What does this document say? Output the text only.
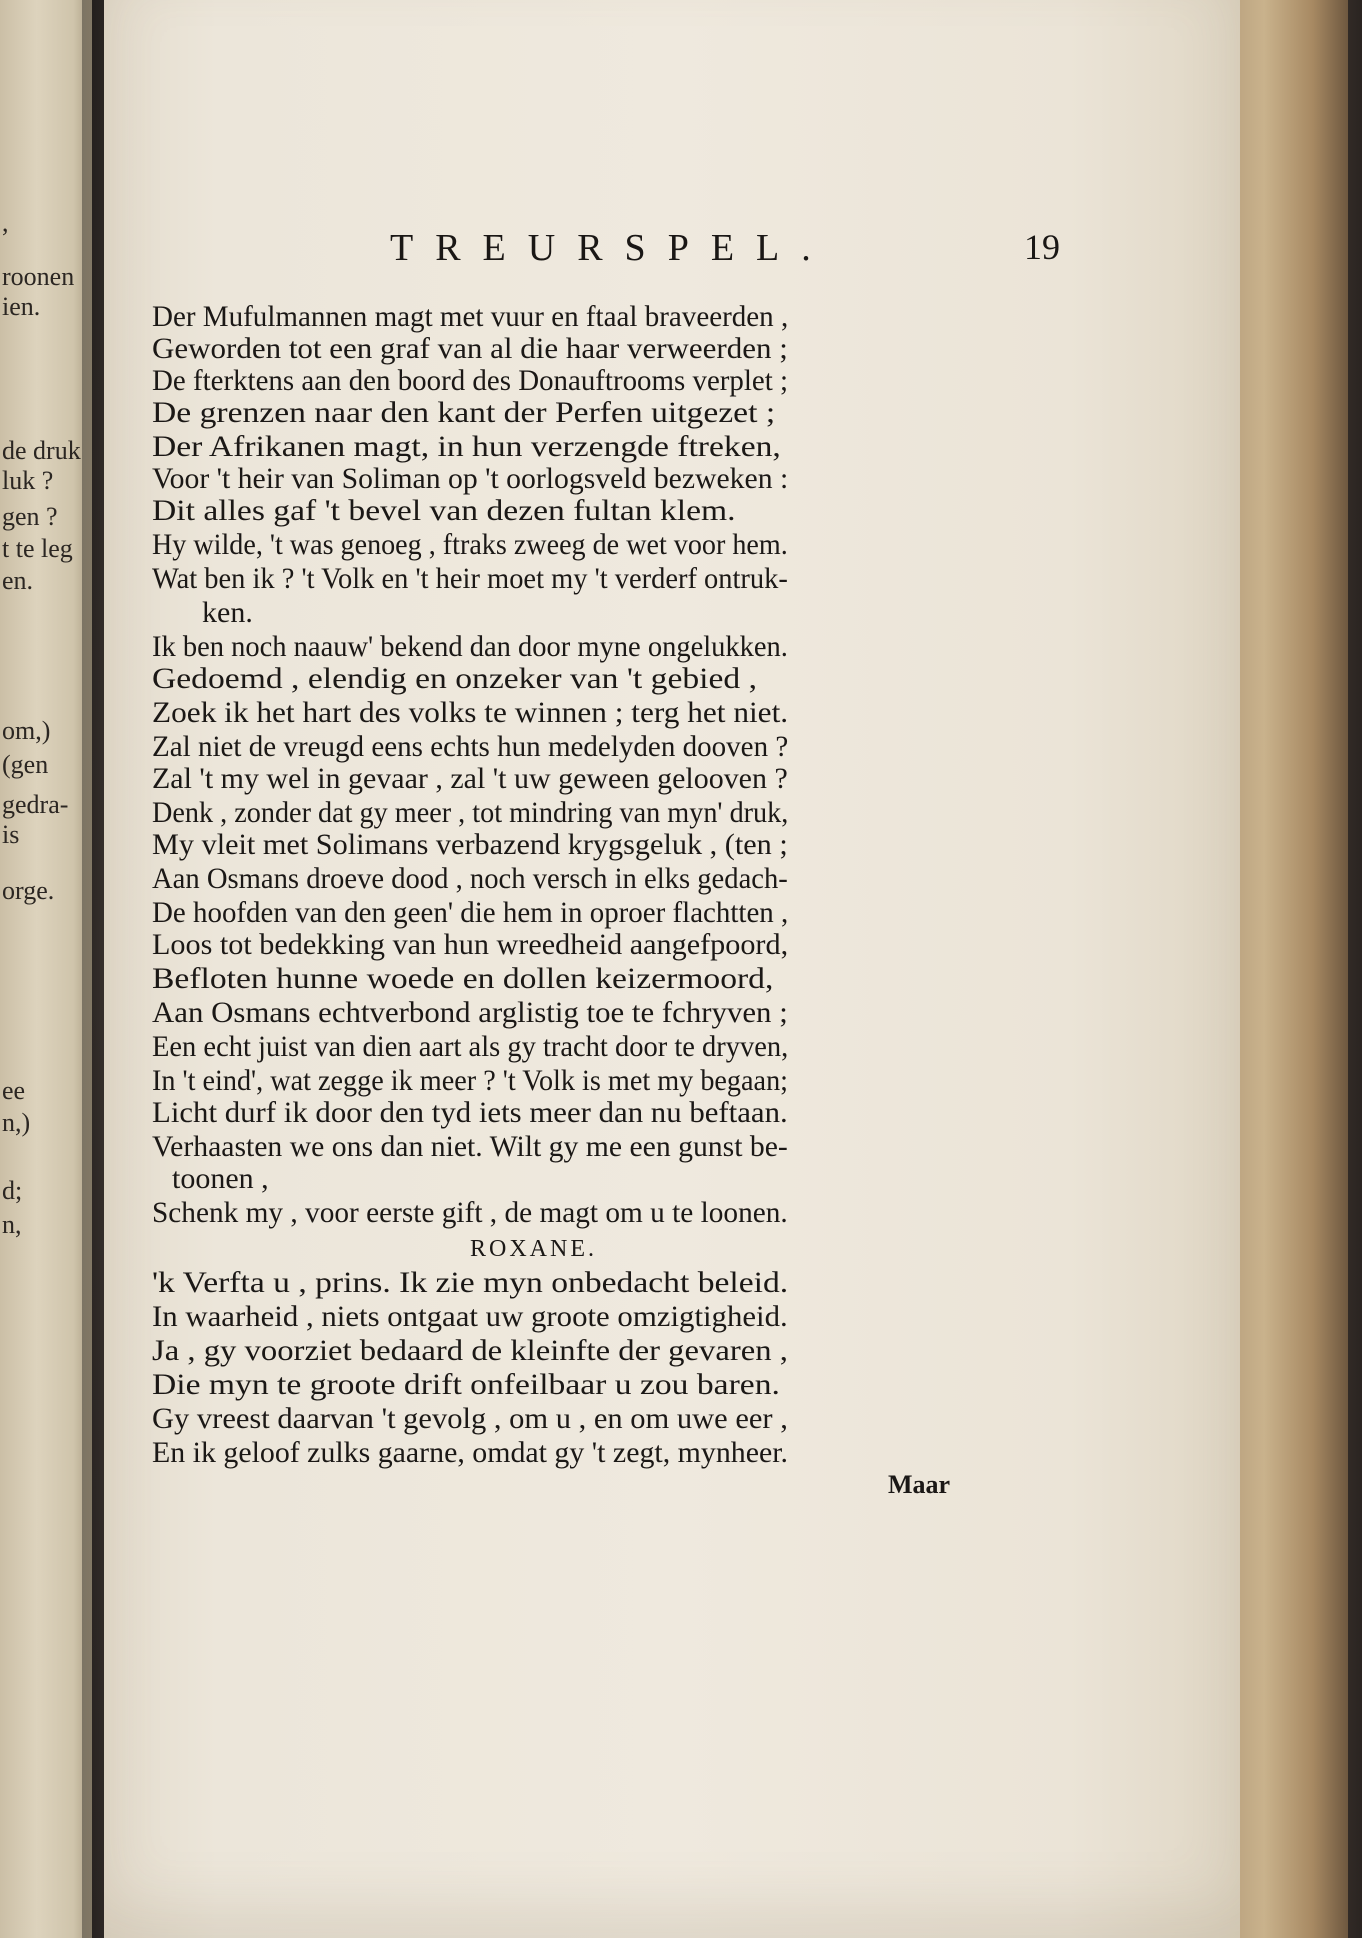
,
roonen
ien.
de druk
luk ?
gen ?
t te leg
en.
om,)
(gen
gedra-
is
orge.
ee
n,)
d;
n,
TREURSPEL.	19
Der Mufulmannen magt met vuur en ftaal braveerden ,
Geworden tot een graf van al die haar verweerden ;
De fterktens aan den boord des Donauftrooms verplet ;
De grenzen naar den kant der Perfen uitgezet ;
Der Afrikanen magt, in hun verzengde ftreken,
Voor 't heir van Soliman op 't oorlogsveld bezweken :
Dit alles gaf 't bevel van dezen fultan klem.
Hy wilde, 't was genoeg , ftraks zweeg de wet voor hem.
Wat ben ik ? 't Volk en 't heir moet my 't verderf ontruk-
ken.
Ik ben noch naauw' bekend dan door myne ongelukken.
Gedoemd , elendig en onzeker van 't gebied ,
Zoek ik het hart des volks te winnen ; terg het niet.
Zal niet de vreugd eens echts hun medelyden dooven ?
Zal 't my wel in gevaar , zal 't uw geween gelooven ?
Denk , zonder dat gy meer , tot mindring van myn' druk,
My vleit met Solimans verbazend krygsgeluk , (ten ;
Aan Osmans droeve dood , noch versch in elks gedach-
De hoofden van den geen' die hem in oproer flachtten ,
Loos tot bedekking van hun wreedheid aangefpoord,
Befloten hunne woede en dollen keizermoord,
Aan Osmans echtverbond arglistig toe te fchryven ;
Een echt juist van dien aart als gy tracht door te dryven,
In 't eind', wat zegge ik meer ? 't Volk is met my begaan;
Licht durf ik door den tyd iets meer dan nu beftaan.
Verhaasten we ons dan niet. Wilt gy me een gunst be-
toonen ,
Schenk my , voor eerste gift , de magt om u te loonen.
ROXANE.
'k Verfta u , prins. Ik zie myn onbedacht beleid.
In waarheid , niets ontgaat uw groote omzigtigheid.
Ja , gy voorziet bedaard de kleinfte der gevaren ,
Die myn te groote drift onfeilbaar u zou baren.
Gy vreest daarvan 't gevolg , om u , en om uwe eer ,
En ik geloof zulks gaarne, omdat gy 't zegt, mynheer.
Maar
